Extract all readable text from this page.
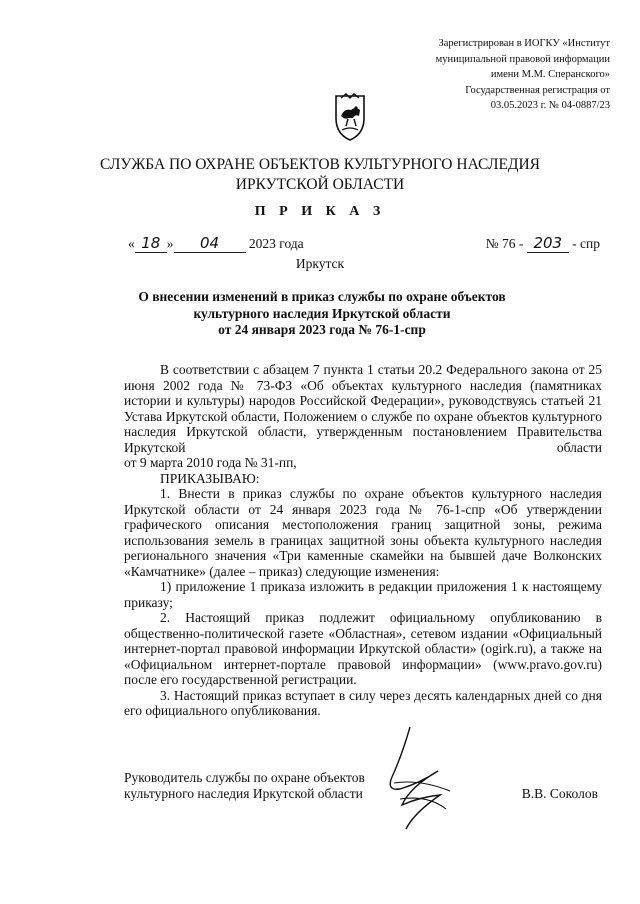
Зарегистрирован в ИОГКУ «Институт
муниципальной правовой информации
имени М.М. Сперанского»
Государственная регистрация от
03.05.2023 г. № 04-0887/23
СЛУЖБА ПО ОХРАНЕ ОБЪЕКТОВ КУЛЬТУРНОГО НАСЛЕДИЯ
ИРКУТСКОЙ ОБЛАСТИ
П Р И К А З
« 18 » 04 2023 года	№ 76 - 203 - спр
Иркутск
О внесении изменений в приказ службы по охране объектов
культурного наследия Иркутской области
от 24 января 2023 года № 76-1-спр

В соответствии с абзацем 7 пункта 1 статьи 20.2 Федерального закона от 25 июня 2002 года № 73-ФЗ «Об объектах культурного наследия (памятниках истории и культуры) народов Российской Федерации», руководствуясь статьей 21 Устава Иркутской области, Положением о службе по охране объектов культурного наследия Иркутской области, утвержденным постановлением Правительства Иркутской области

от 9 марта 2010 года № 31-пп,

ПРИКАЗЫВАЮ:

1. Внести в приказ службы по охране объектов культурного наследия Иркутской области от 24 января 2023 года № 76-1-спр «Об утверждении графического описания местоположения границ защитной зоны, режима использования земель в границах защитной зоны объекта культурного наследия регионального значения «Три каменные скамейки на бывшей даче Волконских «Камчатнике» (далее – приказ) следующие изменения:

1) приложение 1 приказа изложить в редакции приложения 1 к настоящему приказу;

2. Настоящий приказ подлежит официальному опубликованию в общественно-политической газете «Областная», сетевом издании «Официальный интернет-портал правовой информации Иркутской области» (ogirk.ru), а также на «Официальном интернет-портале правовой информации» (www.pravo.gov.ru) после его государственной регистрации.

3. Настоящий приказ вступает в силу через десять календарных дней со дня его официального опубликования.

Руководитель службы по охране объектов
культурного наследия Иркутской области	В.В. Соколов
